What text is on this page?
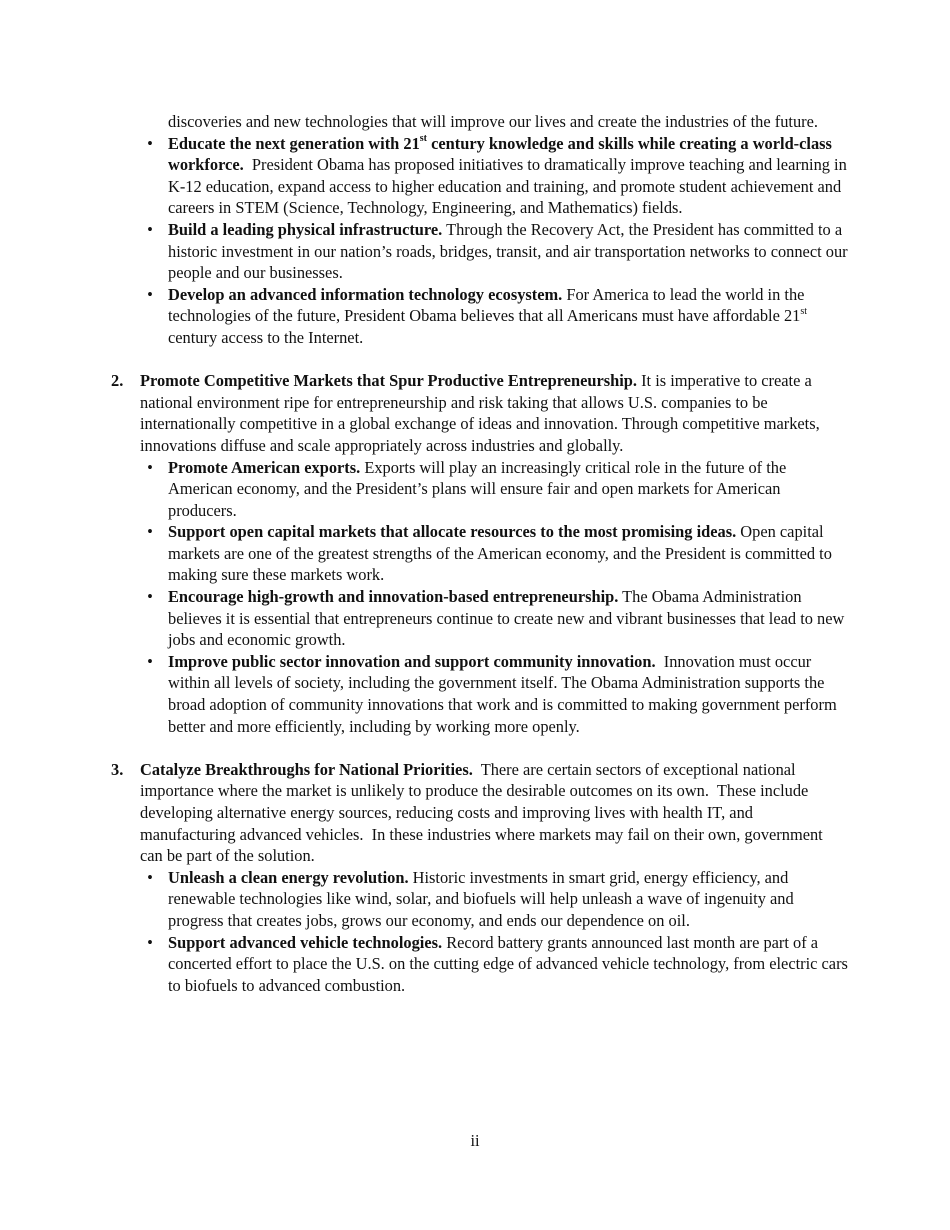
discoveries and new technologies that will improve our lives and create the industries of the future.

• Educate the next generation with 21st century knowledge and skills while creating a world-class workforce.  President Obama has proposed initiatives to dramatically improve teaching and learning in K-12 education, expand access to higher education and training, and promote student achievement and careers in STEM (Science, Technology, Engineering, and Mathematics) fields.
• Build a leading physical infrastructure. Through the Recovery Act, the President has committed to a historic investment in our nation’s roads, bridges, transit, and air transportation networks to connect our people and our businesses.
• Develop an advanced information technology ecosystem. For America to lead the world in the technologies of the future, President Obama believes that all Americans must have affordable 21st century access to the Internet.
2. Promote Competitive Markets that Spur Productive Entrepreneurship. It is imperative to create a national environment ripe for entrepreneurship and risk taking that allows U.S. companies to be internationally competitive in a global exchange of ideas and innovation. Through competitive markets, innovations diffuse and scale appropriately across industries and globally.
• Promote American exports. Exports will play an increasingly critical role in the future of the American economy, and the President’s plans will ensure fair and open markets for American producers.
• Support open capital markets that allocate resources to the most promising ideas. Open capital markets are one of the greatest strengths of the American economy, and the President is committed to making sure these markets work.
• Encourage high-growth and innovation-based entrepreneurship. The Obama Administration believes it is essential that entrepreneurs continue to create new and vibrant businesses that lead to new jobs and economic growth.
• Improve public sector innovation and support community innovation.  Innovation must occur within all levels of society, including the government itself. The Obama Administration supports the broad adoption of community innovations that work and is committed to making government perform better and more efficiently, including by working more openly.
3. Catalyze Breakthroughs for National Priorities.  There are certain sectors of exceptional national importance where the market is unlikely to produce the desirable outcomes on its own.  These include developing alternative energy sources, reducing costs and improving lives with health IT, and manufacturing advanced vehicles.  In these industries where markets may fail on their own, government can be part of the solution.
• Unleash a clean energy revolution. Historic investments in smart grid, energy efficiency, and renewable technologies like wind, solar, and biofuels will help unleash a wave of ingenuity and progress that creates jobs, grows our economy, and ends our dependence on oil.
• Support advanced vehicle technologies. Record battery grants announced last month are part of a concerted effort to place the U.S. on the cutting edge of advanced vehicle technology, from electric cars to biofuels to advanced combustion.
ii
